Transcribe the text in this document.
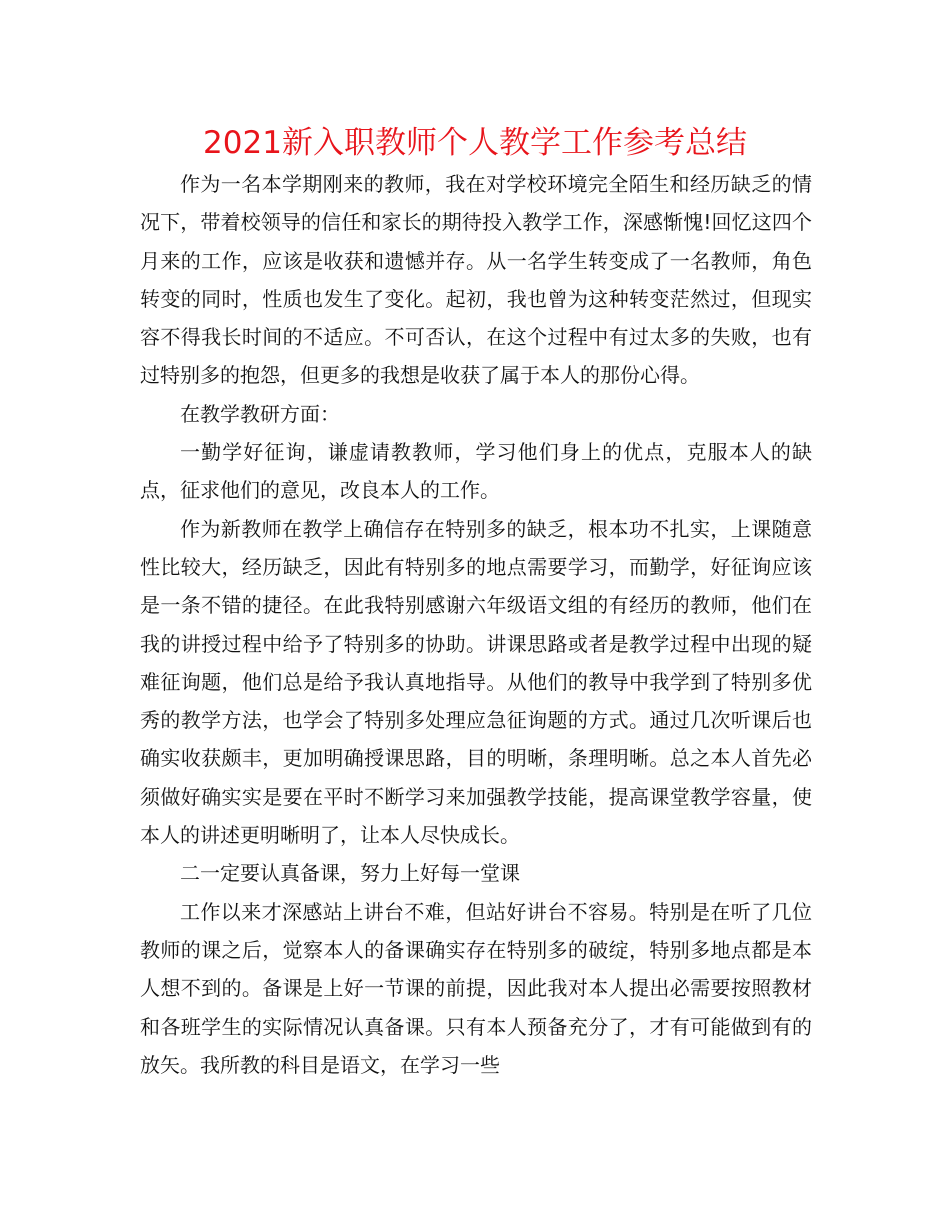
2021新入职教师个人教学工作参考总结

作为一名本学期刚来的教师，我在对学校环境完全陌生和经历缺乏的情况下，带着校领导的信任和家长的期待投入教学工作，深感惭愧!回忆这四个月来的工作，应该是收获和遗憾并存。从一名学生转变成了一名教师，角色转变的同时，性质也发生了变化。起初，我也曾为这种转变茫然过，但现实容不得我长时间的不适应。不可否认，在这个过程中有过太多的失败，也有过特别多的抱怨，但更多的我想是收获了属于本人的那份心得。

在教学教研方面：

一勤学好征询，谦虚请教教师，学习他们身上的优点，克服本人的缺点，征求他们的意见，改良本人的工作。

作为新教师在教学上确信存在特别多的缺乏，根本功不扎实，上课随意性比较大，经历缺乏，因此有特别多的地点需要学习，而勤学，好征询应该是一条不错的捷径。在此我特别感谢六年级语文组的有经历的教师，他们在我的讲授过程中给予了特别多的协助。讲课思路或者是教学过程中出现的疑难征询题，他们总是给予我认真地指导。从他们的教导中我学到了特别多优秀的教学方法，也学会了特别多处理应急征询题的方式。通过几次听课后也确实收获颇丰，更加明确授课思路，目的明晰，条理明晰。总之本人首先必须做好确实实是要在平时不断学习来加强教学技能，提高课堂教学容量，使本人的讲述更明晰明了，让本人尽快成长。

二一定要认真备课，努力上好每一堂课

工作以来才深感站上讲台不难，但站好讲台不容易。特别是在听了几位教师的课之后，觉察本人的备课确实存在特别多的破绽，特别多地点都是本人想不到的。备课是上好一节课的前提，因此我对本人提出必需要按照教材和各班学生的实际情况认真备课。只有本人预备充分了，才有可能做到有的放矢。我所教的科目是语文，在学习一些
